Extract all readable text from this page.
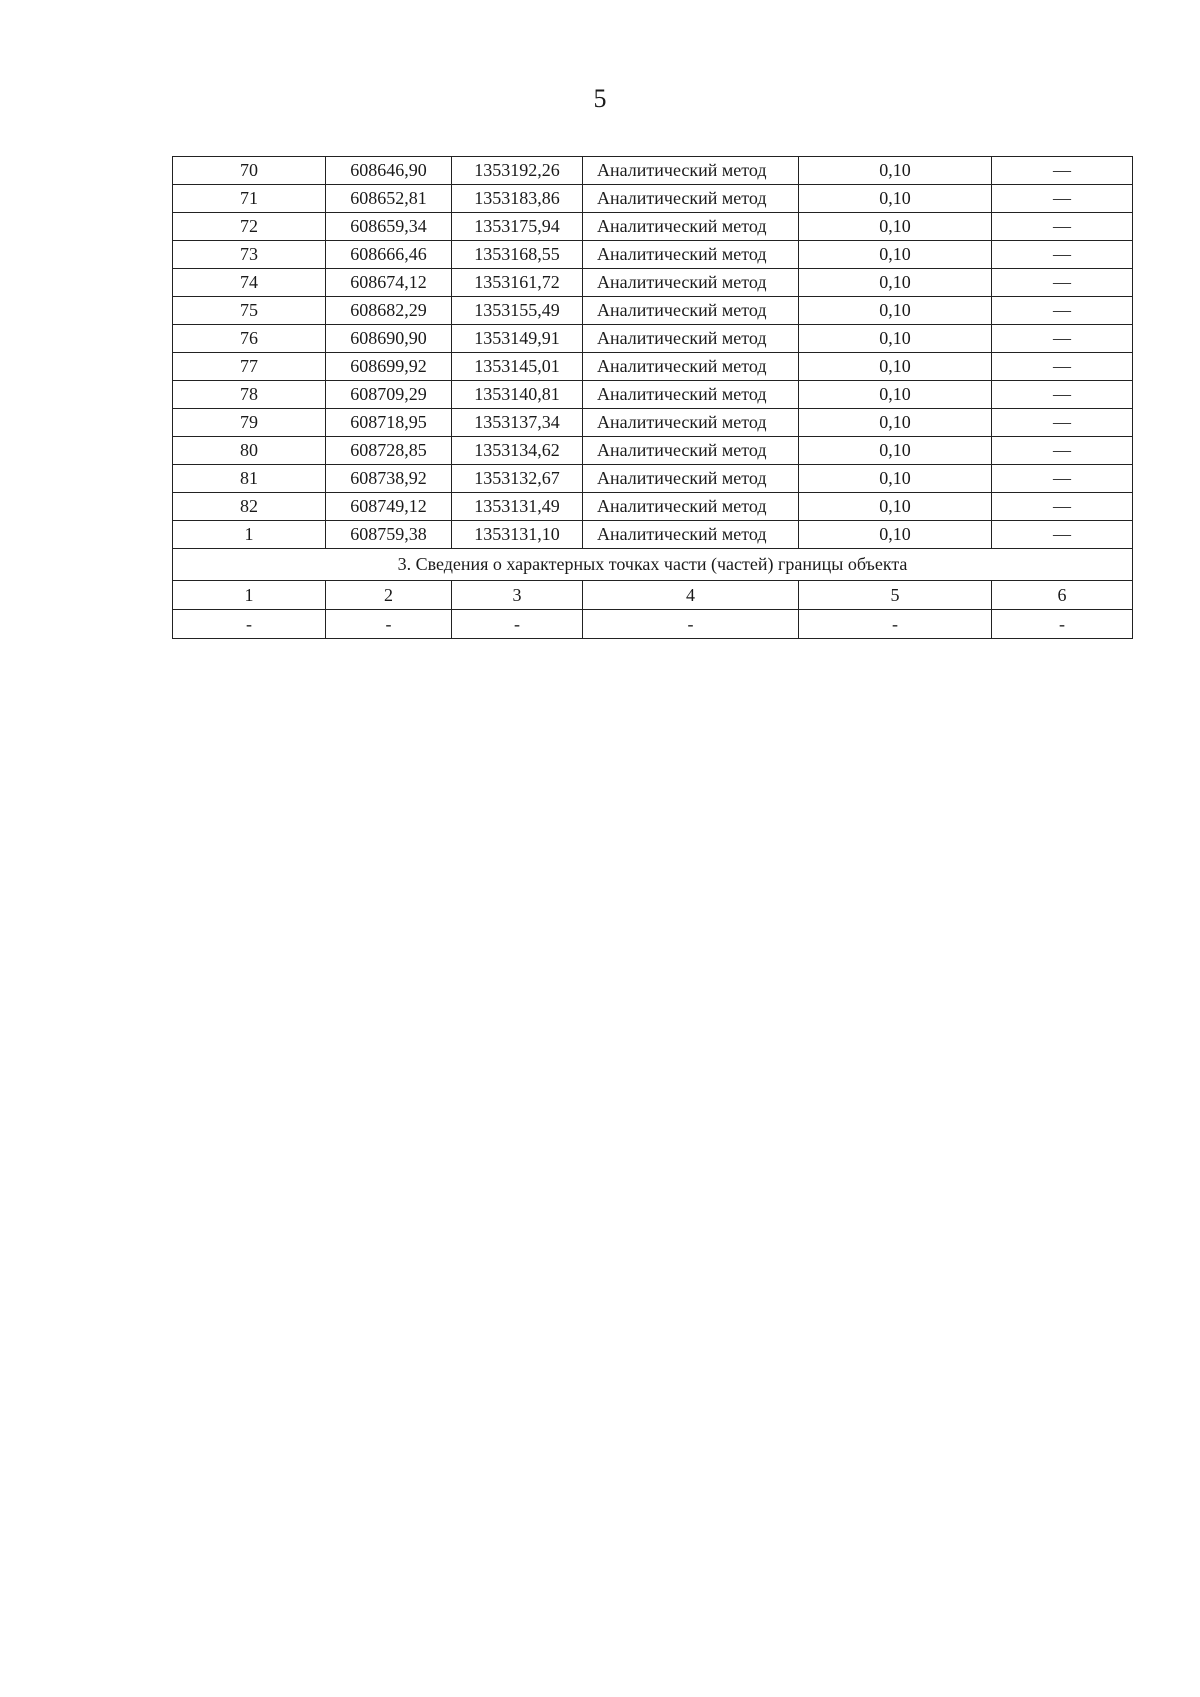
5
70	608646,90	1353192,26	Аналитический метод	0,10	—
71	608652,81	1353183,86	Аналитический метод	0,10	—
72	608659,34	1353175,94	Аналитический метод	0,10	—
73	608666,46	1353168,55	Аналитический метод	0,10	—
74	608674,12	1353161,72	Аналитический метод	0,10	—
75	608682,29	1353155,49	Аналитический метод	0,10	—
76	608690,90	1353149,91	Аналитический метод	0,10	—
77	608699,92	1353145,01	Аналитический метод	0,10	—
78	608709,29	1353140,81	Аналитический метод	0,10	—
79	608718,95	1353137,34	Аналитический метод	0,10	—
80	608728,85	1353134,62	Аналитический метод	0,10	—
81	608738,92	1353132,67	Аналитический метод	0,10	—
82	608749,12	1353131,49	Аналитический метод	0,10	—
1	608759,38	1353131,10	Аналитический метод	0,10	—
3. Сведения о характерных точках части (частей) границы объекта					
1	2	3	4	5	6
-	-	-	-	-	-
